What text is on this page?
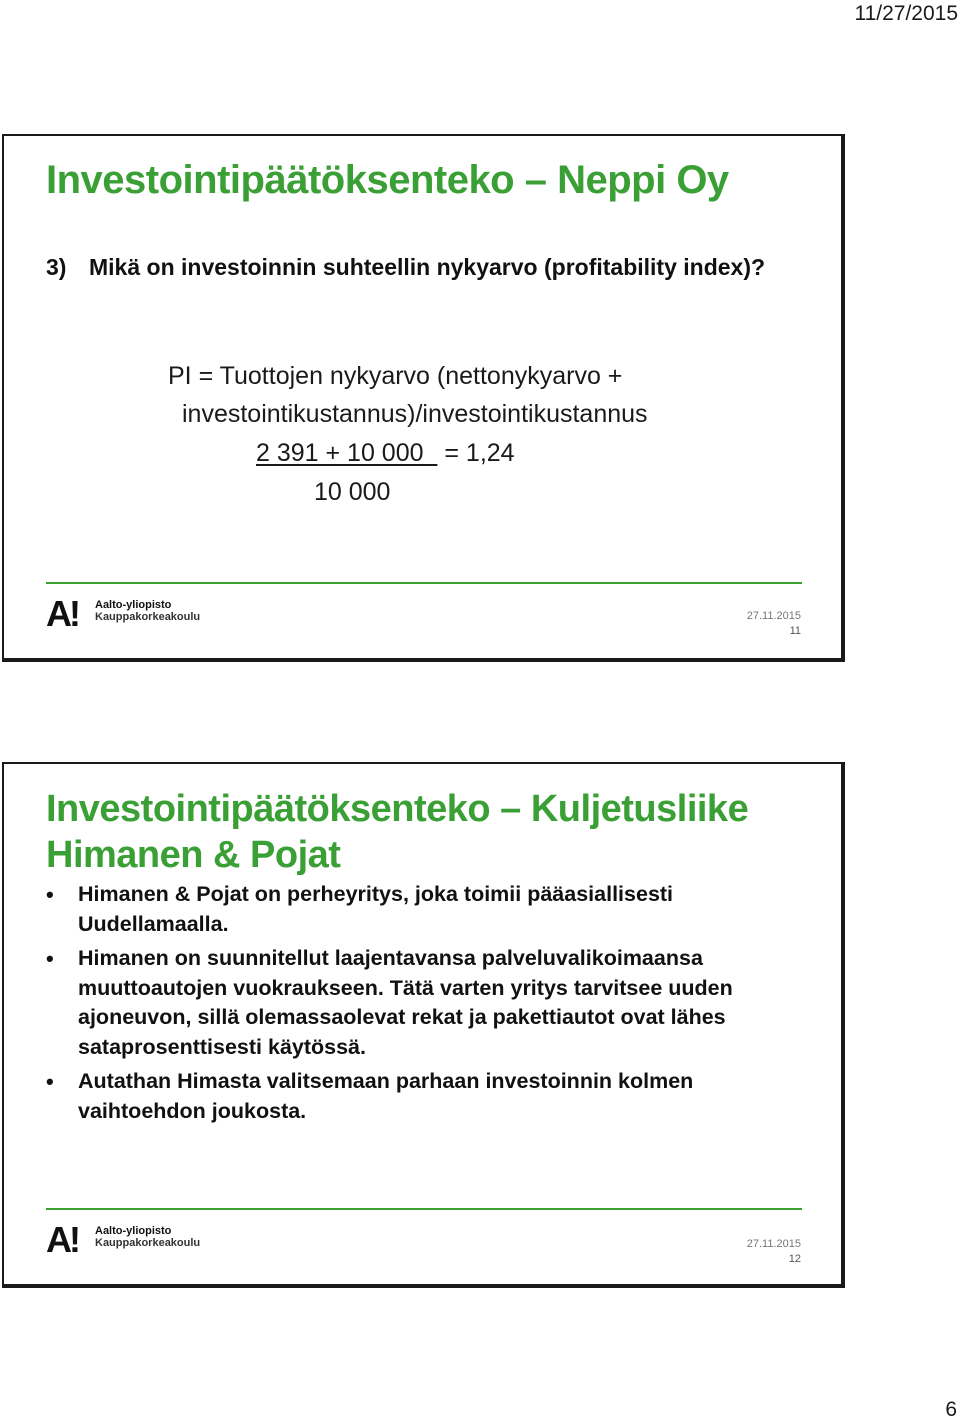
11/27/2015
Investointipäätöksenteko – Neppi Oy
3) Mikä on investoinnin suhteellin nykyarvo (profitability index)?
PI = Tuottojen nykyarvo (nettonykyarvo +
investointikustannus)/investointikustannus
2 391 + 10 000   = 1,24
10 000
A! Aalto-yliopisto
Kauppakorkeakoulu	27.11.2015
11
Investointipäätöksenteko – Kuljetusliike Himanen & Pojat
• Himanen & Pojat on perheyritys, joka toimii pääasiallisesti Uudellamaalla.
• Himanen on suunnitellut laajentavansa palveluvalikoimaansa muuttoautojen vuokraukseen. Tätä varten yritys tarvitsee uuden ajoneuvon, sillä olemassaolevat rekat ja pakettiautot ovat lähes sataprosenttisesti käytössä.
• Autathan Himasta valitsemaan parhaan investoinnin kolmen vaihtoehdon joukosta.
A! Aalto-yliopisto
Kauppakorkeakoulu	27.11.2015
12
6
